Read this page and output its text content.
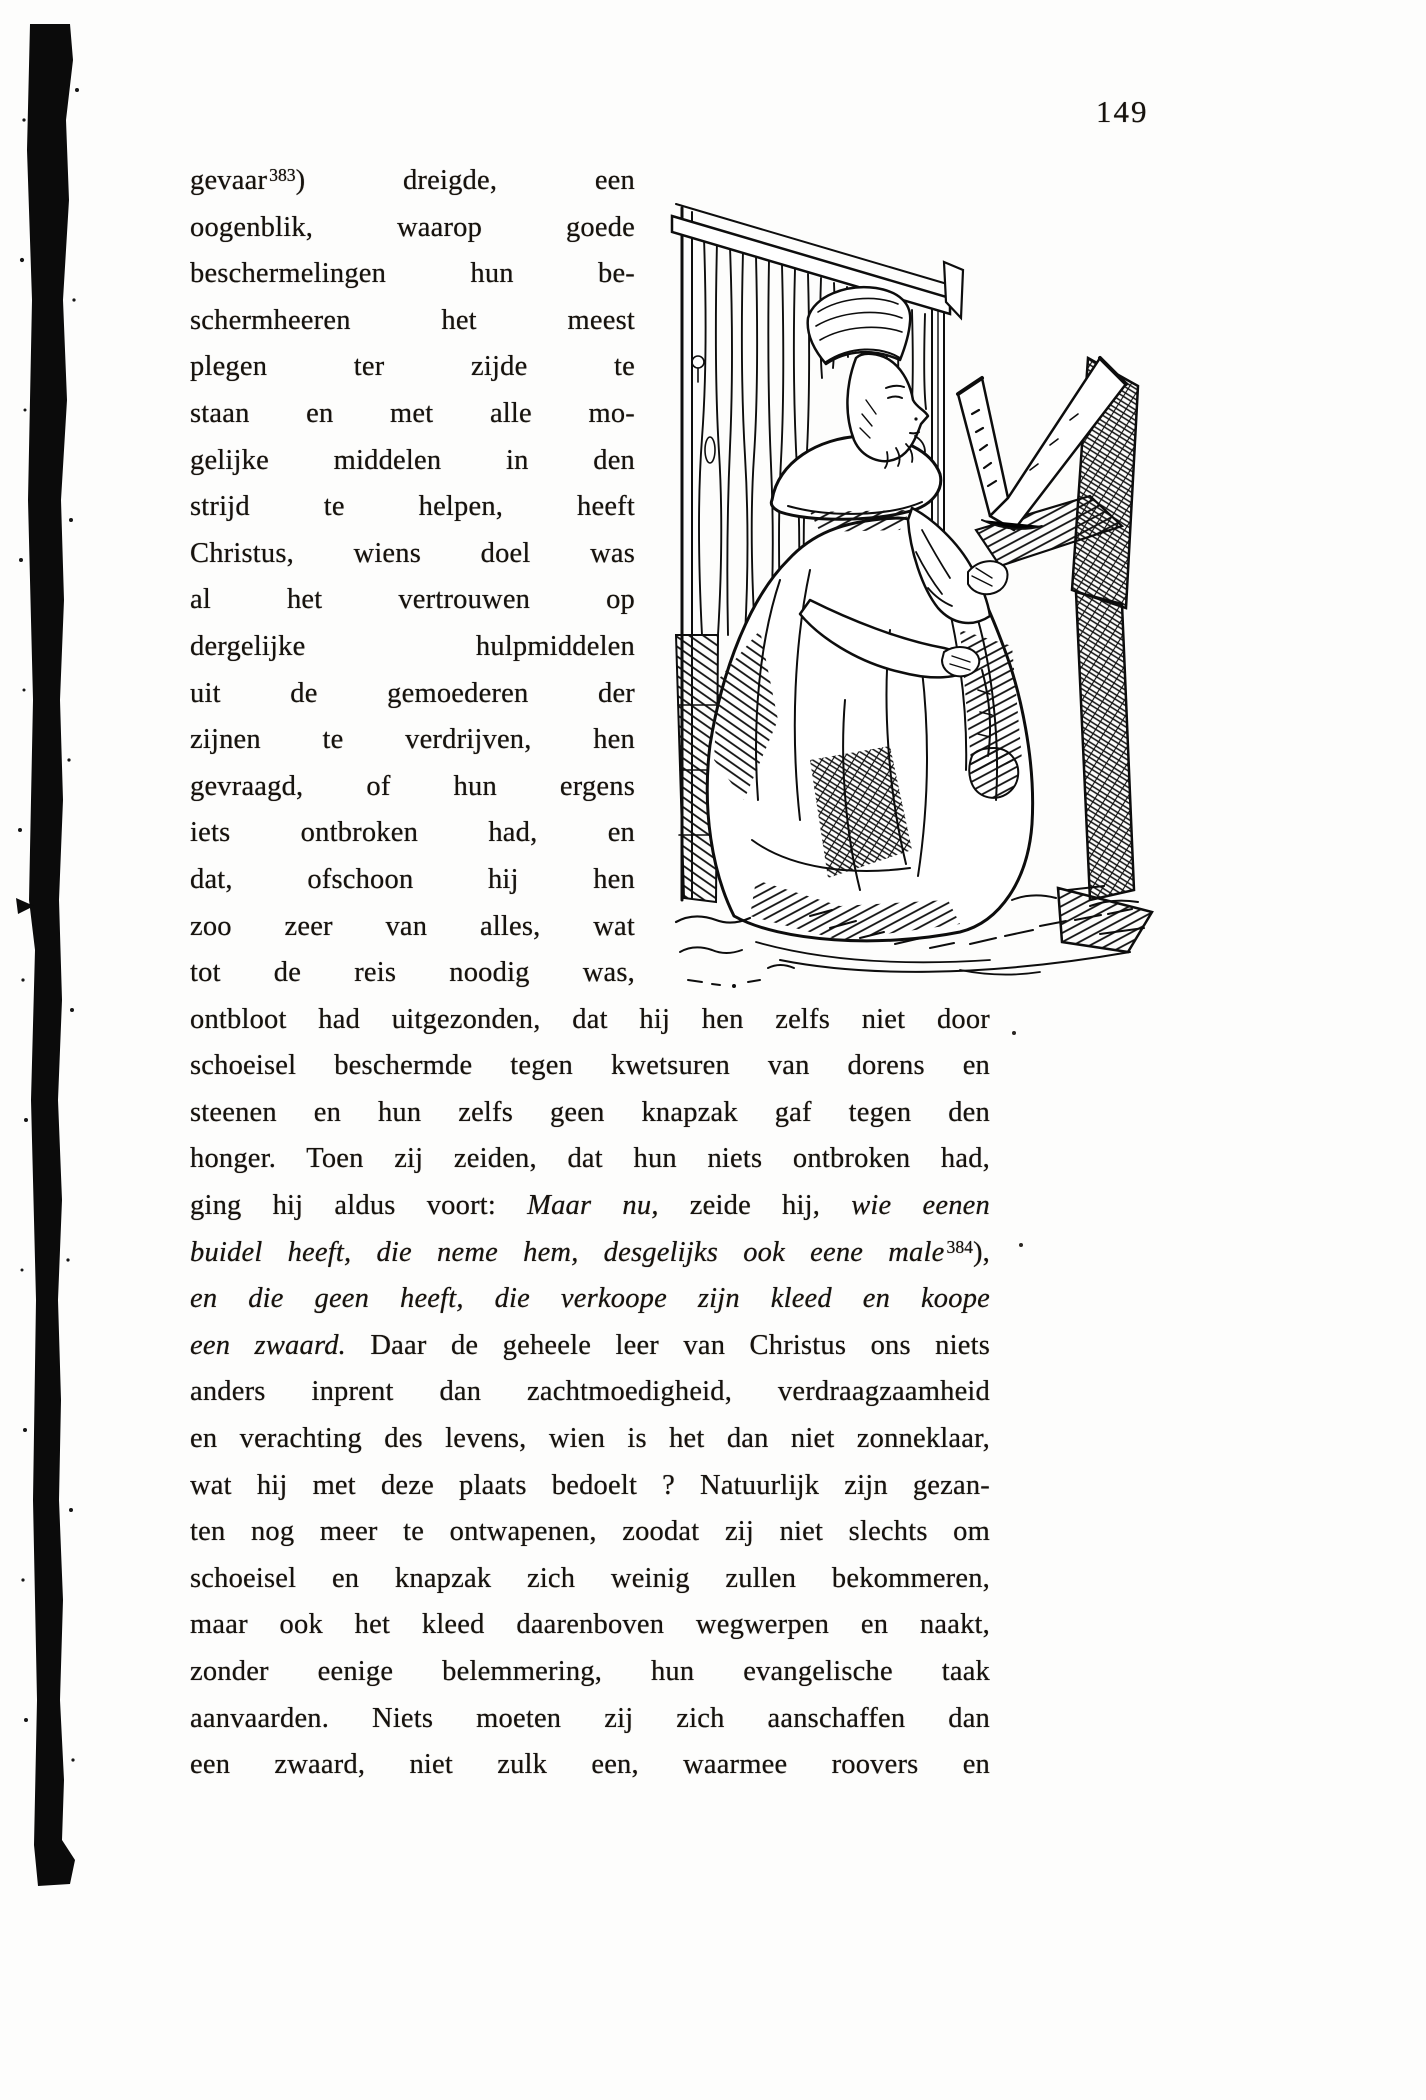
149
gevaar $^{383}$) dreigde, een
oogenblik, waarop goede
beschermelingen hun be-
schermheeren het meest
plegen ter zijde te
staan en met alle mo-
gelijke middelen in den
strijd te helpen, heeft
Christus, wiens doel was
al het vertrouwen op
dergelijke hulpmiddelen
uit de gemoederen der
zijnen te verdrijven, hen
gevraagd, of hun ergens
iets ontbroken had, en
dat, ofschoon hij hen
zoo zeer van alles, wat
tot de reis noodig was,
ontbloot had uitgezonden, dat hij hen zelfs niet door
schoeisel beschermde tegen kwetsuren van dorens en
steenen en hun zelfs geen knapzak gaf tegen den
honger. Toen zij zeiden, dat hun niets ontbroken had,
ging hij aldus voort: Maar nu, zeide hij, wie eenen
buidel heeft, die neme hem, desgelijks ook eene male $^{384}$),
en die geen heeft, die verkoope zijn kleed en koope
een zwaard. Daar de geheele leer van Christus ons niets
anders inprent dan zachtmoedigheid, verdraagzaamheid
en verachting des levens, wien is het dan niet zonneklaar,
wat hij met deze plaats bedoelt ? Natuurlijk zijn gezan-
ten nog meer te ontwapenen, zoodat zij niet slechts om
schoeisel en knapzak zich weinig zullen bekommeren,
maar ook het kleed daarenboven wegwerpen en naakt,
zonder eenige belemmering, hun evangelische taak
aanvaarden. Niets moeten zij zich aanschaffen dan
een zwaard, niet zulk een, waarmee roovers en
